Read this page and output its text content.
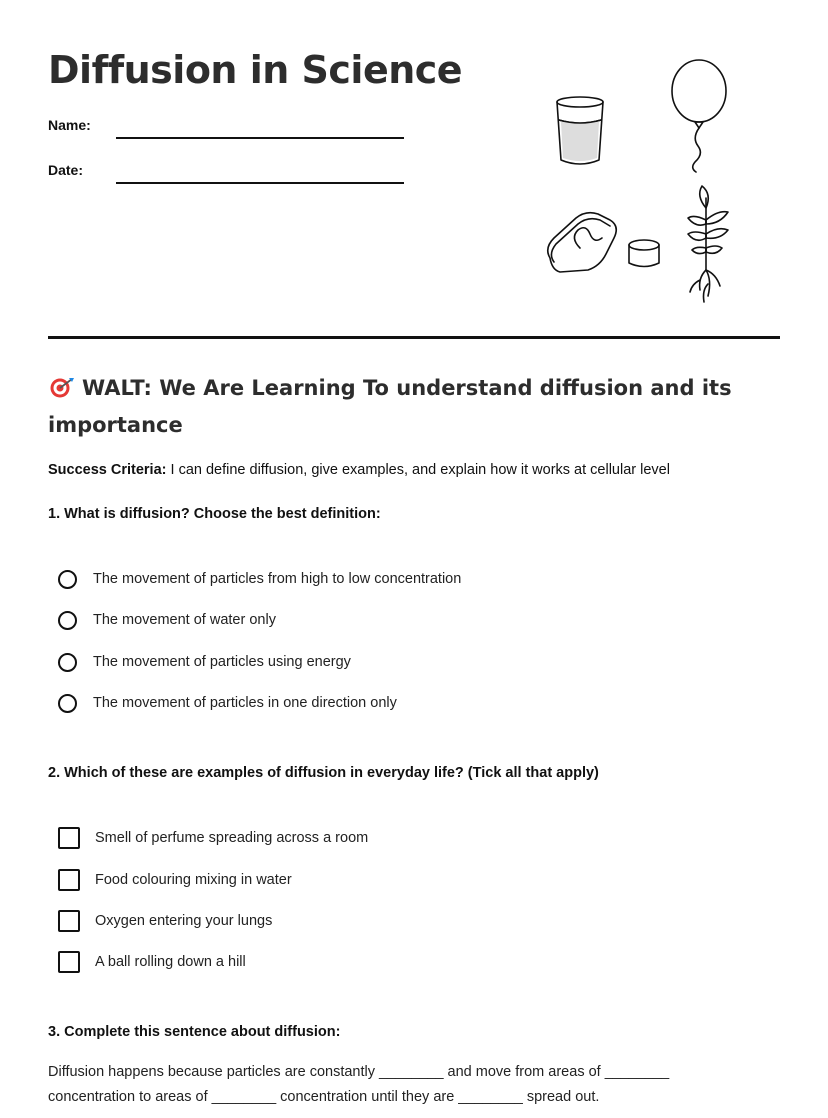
Diffusion in Science
Name:
Date:
WALT: We Are Learning To understand diffusion and its importance
Success Criteria: I can define diffusion, give examples, and explain how it works at cellular level
1. What is diffusion? Choose the best definition:
The movement of particles from high to low concentration
The movement of water only
The movement of particles using energy
The movement of particles in one direction only
2. Which of these are examples of diffusion in everyday life? (Tick all that apply)
Smell of perfume spreading across a room
Food colouring mixing in water
Oxygen entering your lungs
A ball rolling down a hill
3. Complete this sentence about diffusion:
Diffusion happens because particles are constantly ________ and move from areas of ________ concentration to areas of ________ concentration until they are ________ spread out.
